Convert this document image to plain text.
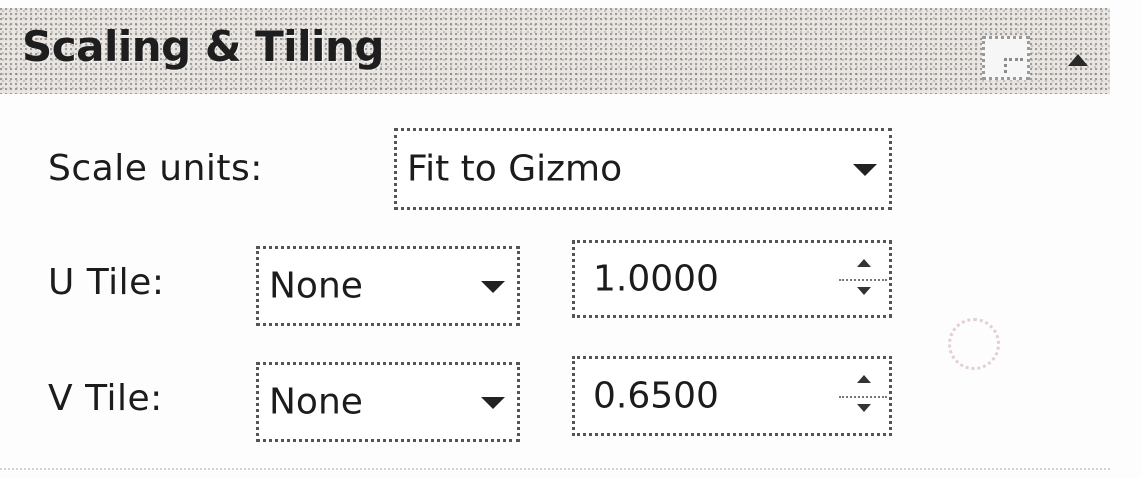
Scaling & Tiling
Scale units:	Fit to Gizmo
U Tile:	None	1.0000
V Tile:	None	0.6500
